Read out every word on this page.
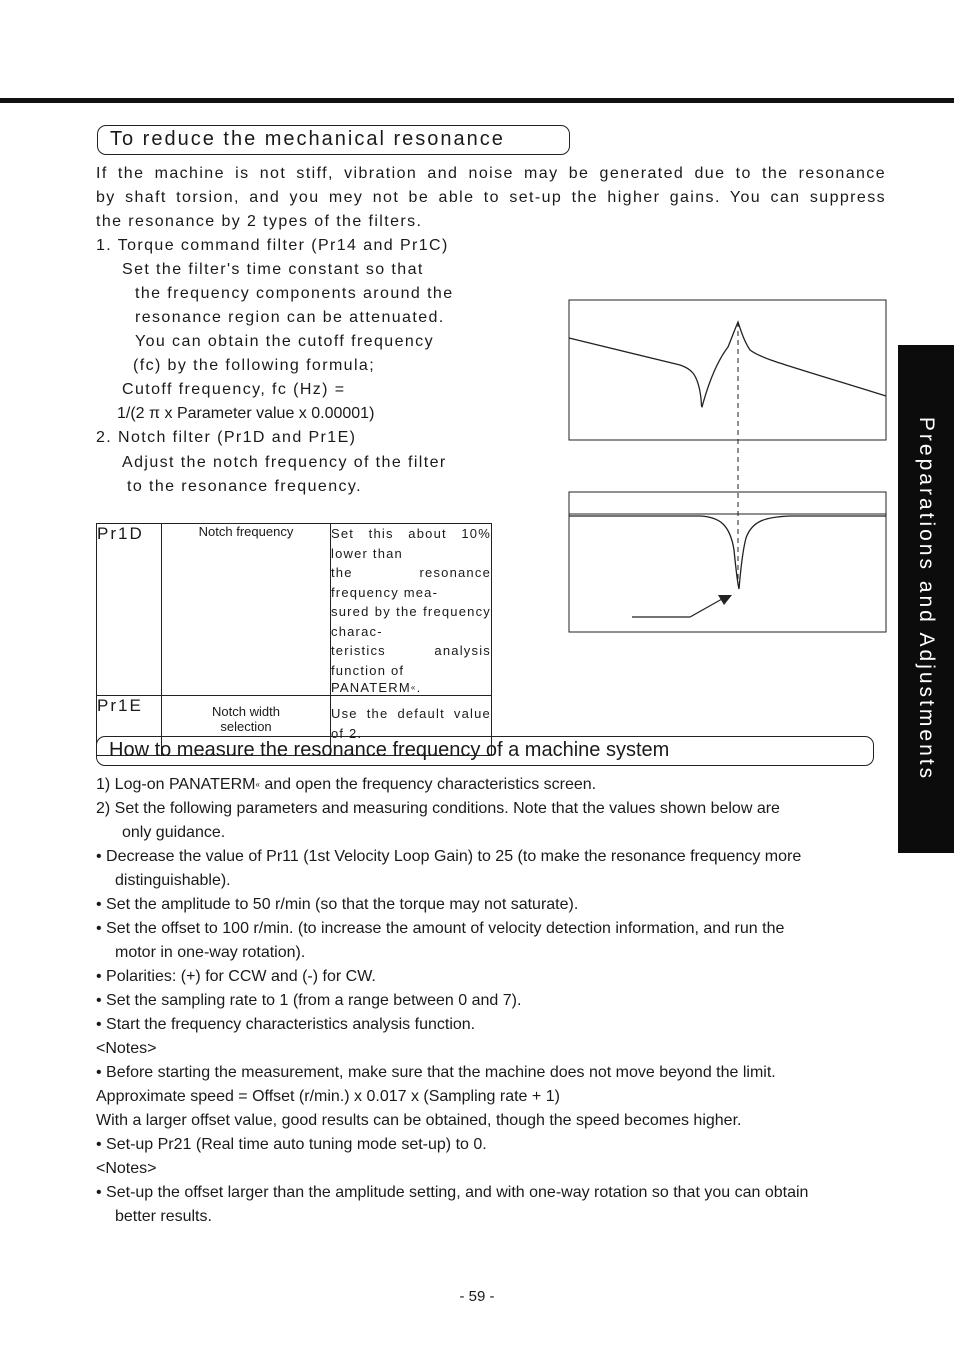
To reduce the mechanical resonance
If the machine is not stiff, vibration and noise may be generated due to the resonance
by shaft torsion, and you mey not be able to set-up the higher gains. You can suppress
the resonance by 2 types of the filters.
1. Torque command filter (Pr14 and Pr1C)
Set the filter's time constant so that
the frequency components around the
resonance region can be attenuated.
You can obtain the cutoff frequency
(fc) by the following formula;
Cutoff frequency, fc (Hz) =
1/(2 π x Parameter value x 0.00001)
2. Notch filter (Pr1D and Pr1E)
Adjust the notch frequency of the filter
to the resonance frequency.
Pr1D	Notch frequency	Set this about 10% lower than
the resonance frequency mea-
sured by the frequency charac-
teristics analysis function of
PANATERM«.

Pr1E	Notch width selection	Use the default value of 2.
How to measure the resonance frequency of a machine system
1) Log-on PANATERM« and open the frequency characteristics screen.
2) Set the following parameters and measuring conditions. Note that the values shown below are
only guidance.
• Decrease the value of Pr11 (1st Velocity Loop Gain) to 25 (to make the resonance frequency more
distinguishable).
• Set the amplitude to 50 r/min (so that the torque may not saturate).
• Set the offset to 100 r/min. (to increase the amount of velocity detection information, and run the
motor in one-way rotation).
• Polarities: (+) for CCW and (-) for CW.
• Set the sampling rate to 1 (from a range between 0 and 7).
• Start the frequency characteristics analysis function.
<Notes>
• Before starting the measurement, make sure that the machine does not move beyond the limit.
Approximate speed = Offset (r/min.) x 0.017 x (Sampling rate + 1)
With a larger offset value, good results can be obtained, though the speed becomes higher.
• Set-up Pr21 (Real time auto tuning mode set-up) to 0.
<Notes>
• Set-up the offset larger than the amplitude setting, and with one-way rotation so that you can obtain
better results.
Preparations and Adjustments
- 59 -
